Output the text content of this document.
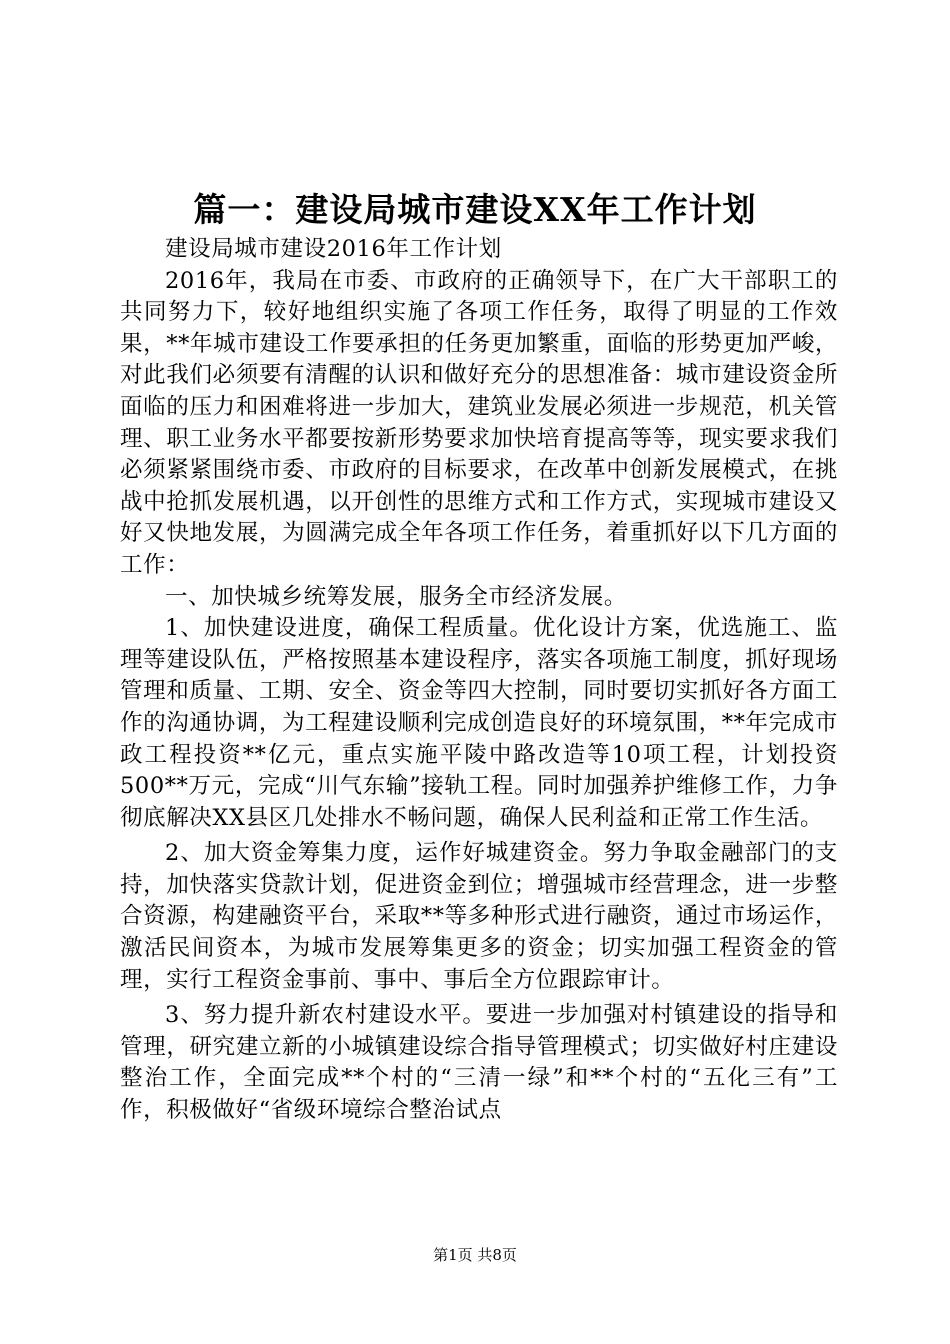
篇一：建设局城市建设XX年工作计划

建设局城市建设2016年工作计划

2016年，我局在市委、市政府的正确领导下，在广大干部职工的共同努力下，较好地组织实施了各项工作任务，取得了明显的工作效果，**年城市建设工作要承担的任务更加繁重，面临的形势更加严峻，对此我们必须要有清醒的认识和做好充分的思想准备：城市建设资金所面临的压力和困难将进一步加大，建筑业发展必须进一步规范，机关管理、职工业务水平都要按新形势要求加快培育提高等等，现实要求我们必须紧紧围绕市委、市政府的目标要求，在改革中创新发展模式，在挑战中抢抓发展机遇，以开创性的思维方式和工作方式，实现城市建设又好又快地发展，为圆满完成全年各项工作任务，着重抓好以下几方面的工作：

一、加快城乡统筹发展，服务全市经济发展。

1、加快建设进度，确保工程质量。优化设计方案，优选施工、监理等建设队伍，严格按照基本建设程序，落实各项施工制度，抓好现场管理和质量、工期、安全、资金等四大控制，同时要切实抓好各方面工作的沟通协调，为工程建设顺利完成创造良好的环境氛围，**年完成市政工程投资**亿元，重点实施平陵中路改造等10项工程，计划投资500**万元，完成“川气东输”接轨工程。同时加强养护维修工作，力争彻底解决XX县区几处排水不畅问题，确保人民利益和正常工作生活。

2、加大资金筹集力度，运作好城建资金。努力争取金融部门的支持，加快落实贷款计划，促进资金到位；增强城市经营理念，进一步整合资源，构建融资平台，采取**等多种形式进行融资，通过市场运作，激活民间资本，为城市发展筹集更多的资金；切实加强工程资金的管理，实行工程资金事前、事中、事后全方位跟踪审计。

3、努力提升新农村建设水平。要进一步加强对村镇建设的指导和管理，研究建立新的小城镇建设综合指导管理模式；切实做好村庄建设整治工作，全面完成**个村的“三清一绿”和**个村的“五化三有”工作，积极做好“省级环境综合整治试点

第1页 共8页
